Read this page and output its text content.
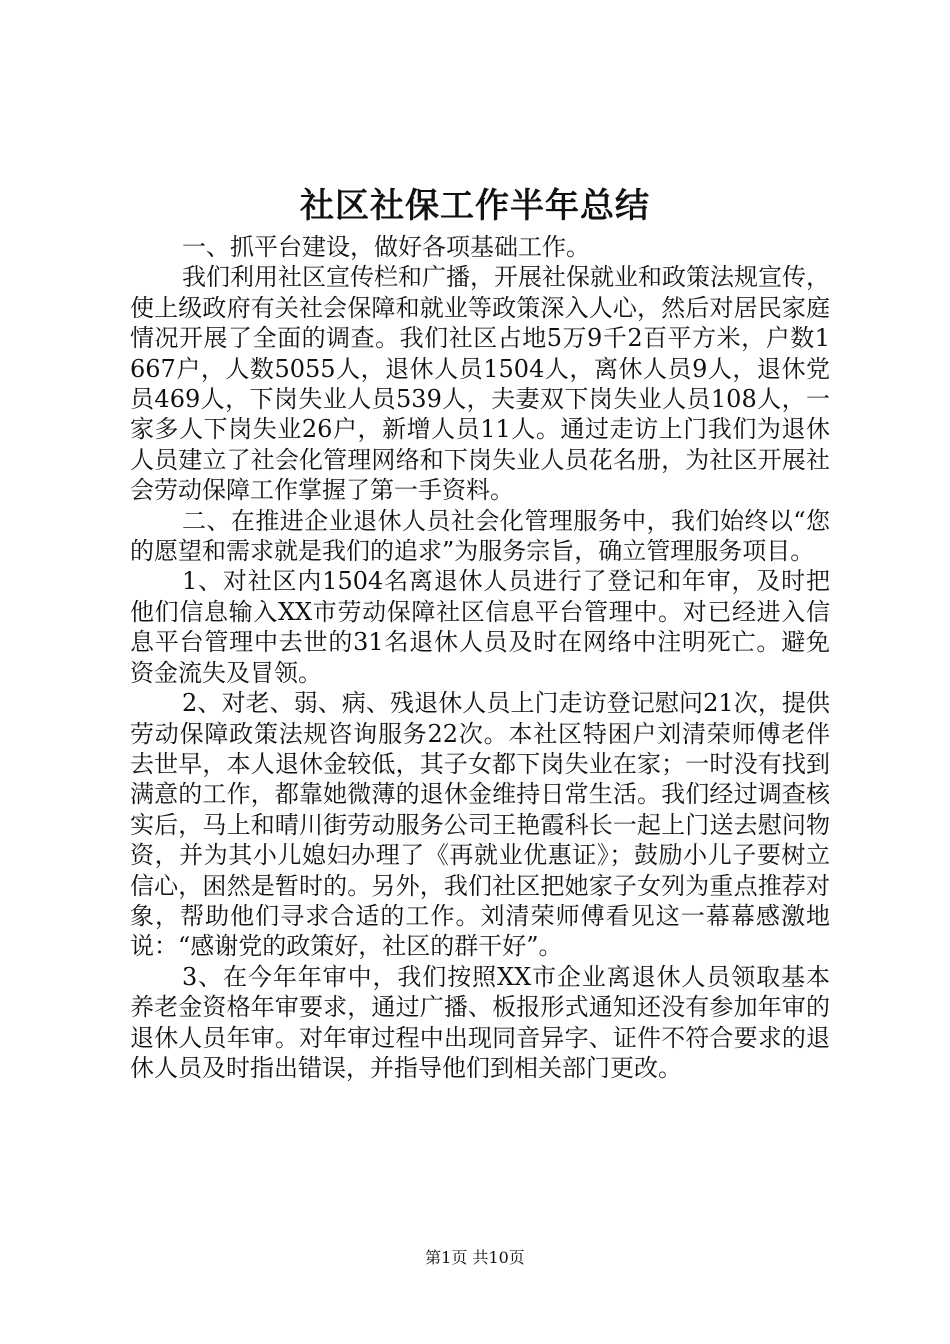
社区社保工作半年总结

一、抓平台建设，做好各项基础工作。

我们利用社区宣传栏和广播，开展社保就业和政策法规宣传，使上级政府有关社会保障和就业等政策深入人心，然后对居民家庭情况开展了全面的调查。我们社区占地5万9千2百平方米，户数1667户，人数5055人，退休人员1504人，离休人员9人，退休党员469人，下岗失业人员539人，夫妻双下岗失业人员108人，一家多人下岗失业26户，新增人员11人。通过走访上门我们为退休人员建立了社会化管理网络和下岗失业人员花名册，为社区开展社会劳动保障工作掌握了第一手资料。

二、在推进企业退休人员社会化管理服务中，我们始终以“您的愿望和需求就是我们的追求”为服务宗旨，确立管理服务项目。

1、对社区内1504名离退休人员进行了登记和年审，及时把他们信息输入XX市劳动保障社区信息平台管理中。对已经进入信息平台管理中去世的31名退休人员及时在网络中注明死亡。避免资金流失及冒领。

2、对老、弱、病、残退休人员上门走访登记慰问21次，提供劳动保障政策法规咨询服务22次。本社区特困户刘清荣师傅老伴去世早，本人退休金较低，其子女都下岗失业在家；一时没有找到满意的工作，都靠她微薄的退休金维持日常生活。我们经过调查核实后，马上和晴川街劳动服务公司王艳霞科长一起上门送去慰问物资，并为其小儿媳妇办理了《再就业优惠证》；鼓励小儿子要树立信心，困然是暂时的。另外，我们社区把她家子女列为重点推荐对象，帮助他们寻求合适的工作。刘清荣师傅看见这一幕幕感激地说：“感谢党的政策好，社区的群干好”。

3、在今年年审中，我们按照XX市企业离退休人员领取基本养老金资格年审要求，通过广播、板报形式通知还没有参加年审的退休人员年审。对年审过程中出现同音异字、证件不符合要求的退休人员及时指出错误，并指导他们到相关部门更改。

第1页 共10页
